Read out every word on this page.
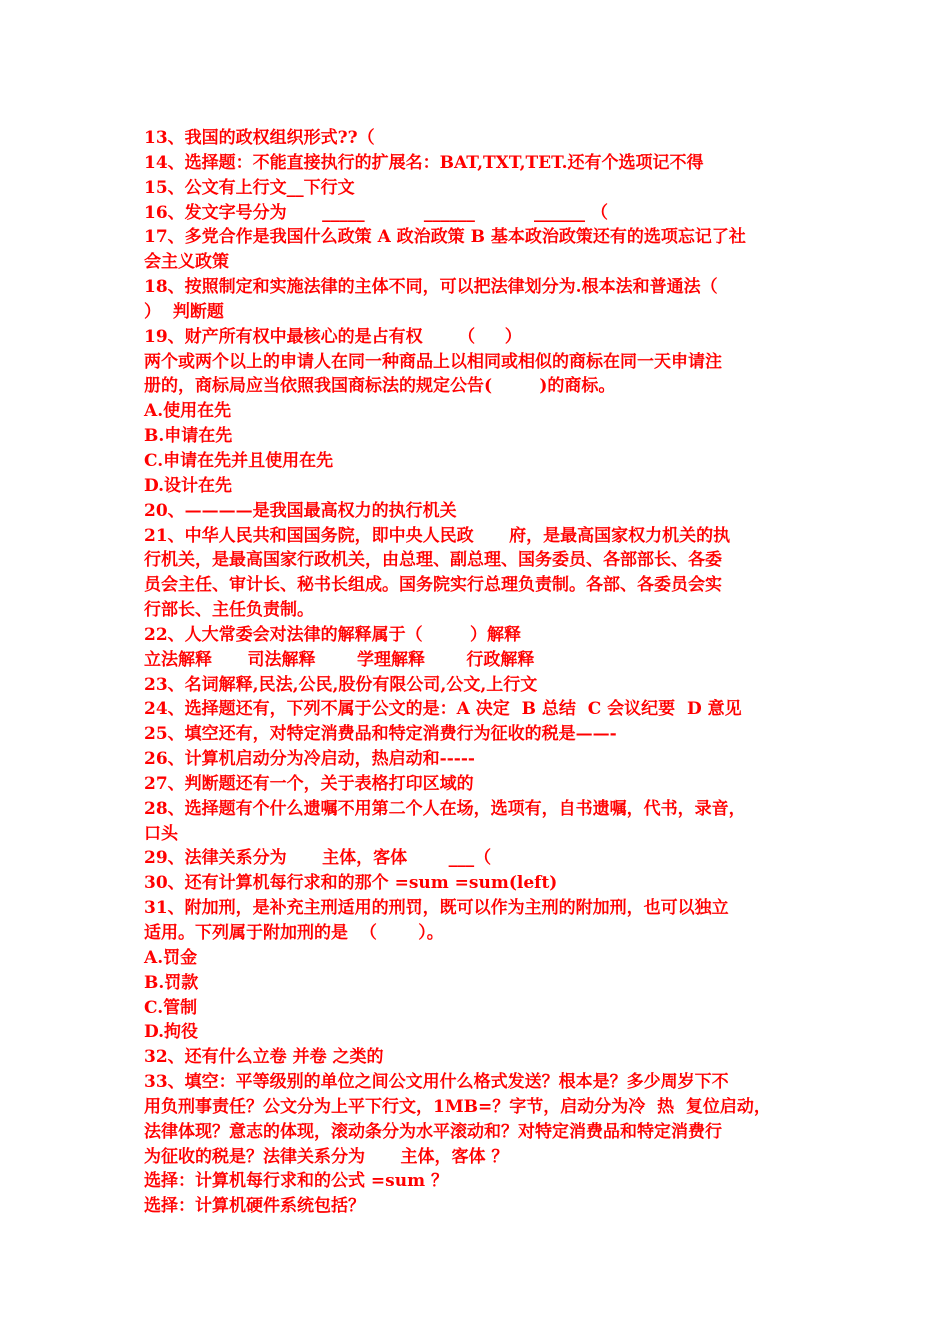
13、我国的政权组织形式??（

14、选择题：不能直接执行的扩展名：BAT,TXT,TET.还有个选项记不得

15、公文有上行文__下行文

16、发文字号分为      _____          ______          ______ （

17、多党合作是我国什么政策 A 政治政策 B 基本政治政策还有的选项忘记了社

会主义政策

18、按照制定和实施法律的主体不同，可以把法律划分为.根本法和普通法（

）  判断题

19、财产所有权中最核心的是占有权      （     ）

两个或两个以上的申请人在同一种商品上以相同或相似的商标在同一天申请注

册的，商标局应当依照我国商标法的规定公告(        )的商标。

A.使用在先

B.申请在先

C.申请在先并且使用在先

D.设计在先

20、————是我国最高权力的执行机关

21、中华人民共和国国务院，即中央人民政      府，是最高国家权力机关的执

行机关，是最高国家行政机关，由总理、副总理、国务委员、各部部长、各委

员会主任、审计长、秘书长组成。国务院实行总理负责制。各部、各委员会实

行部长、主任负责制。

22、人大常委会对法律的解释属于（        ）解释

立法解释      司法解释       学理解释       行政解释

23、名词解释,民法,公民,股份有限公司,公文,上行文

24、选择题还有，下列不属于公文的是：A 决定  B 总结  C 会议纪要  D 意见

25、填空还有，对特定消费品和特定消费行为征收的税是——-

26、计算机启动分为冷启动，热启动和-----

27、判断题还有一个，关于表格打印区域的

28、选择题有个什么遗嘱不用第二个人在场，选项有，自书遗嘱，代书，录音，

口头

29、法律关系分为      主体，客体       ___（

30、还有计算机每行求和的那个 =sum =sum(left)

31、附加刑，是补充主刑适用的刑罚，既可以作为主刑的附加刑，也可以独立

适用。下列属于附加刑的是  （       ）。

A.罚金

B.罚款

C.管制

D.拘役

32、还有什么立卷 并卷 之类的

33、填空：平等级别的单位之间公文用什么格式发送？根本是？多少周岁下不

用负刑事责任？公文分为上平下行文，1MB=？字节，启动分为冷  热  复位启动，

法律体现？意志的体现，滚动条分为水平滚动和？对特定消费品和特定消费行

为征收的税是？法律关系分为      主体，客体 ？

选择：计算机每行求和的公式 =sum ？

选择：计算机硬件系统包括？
